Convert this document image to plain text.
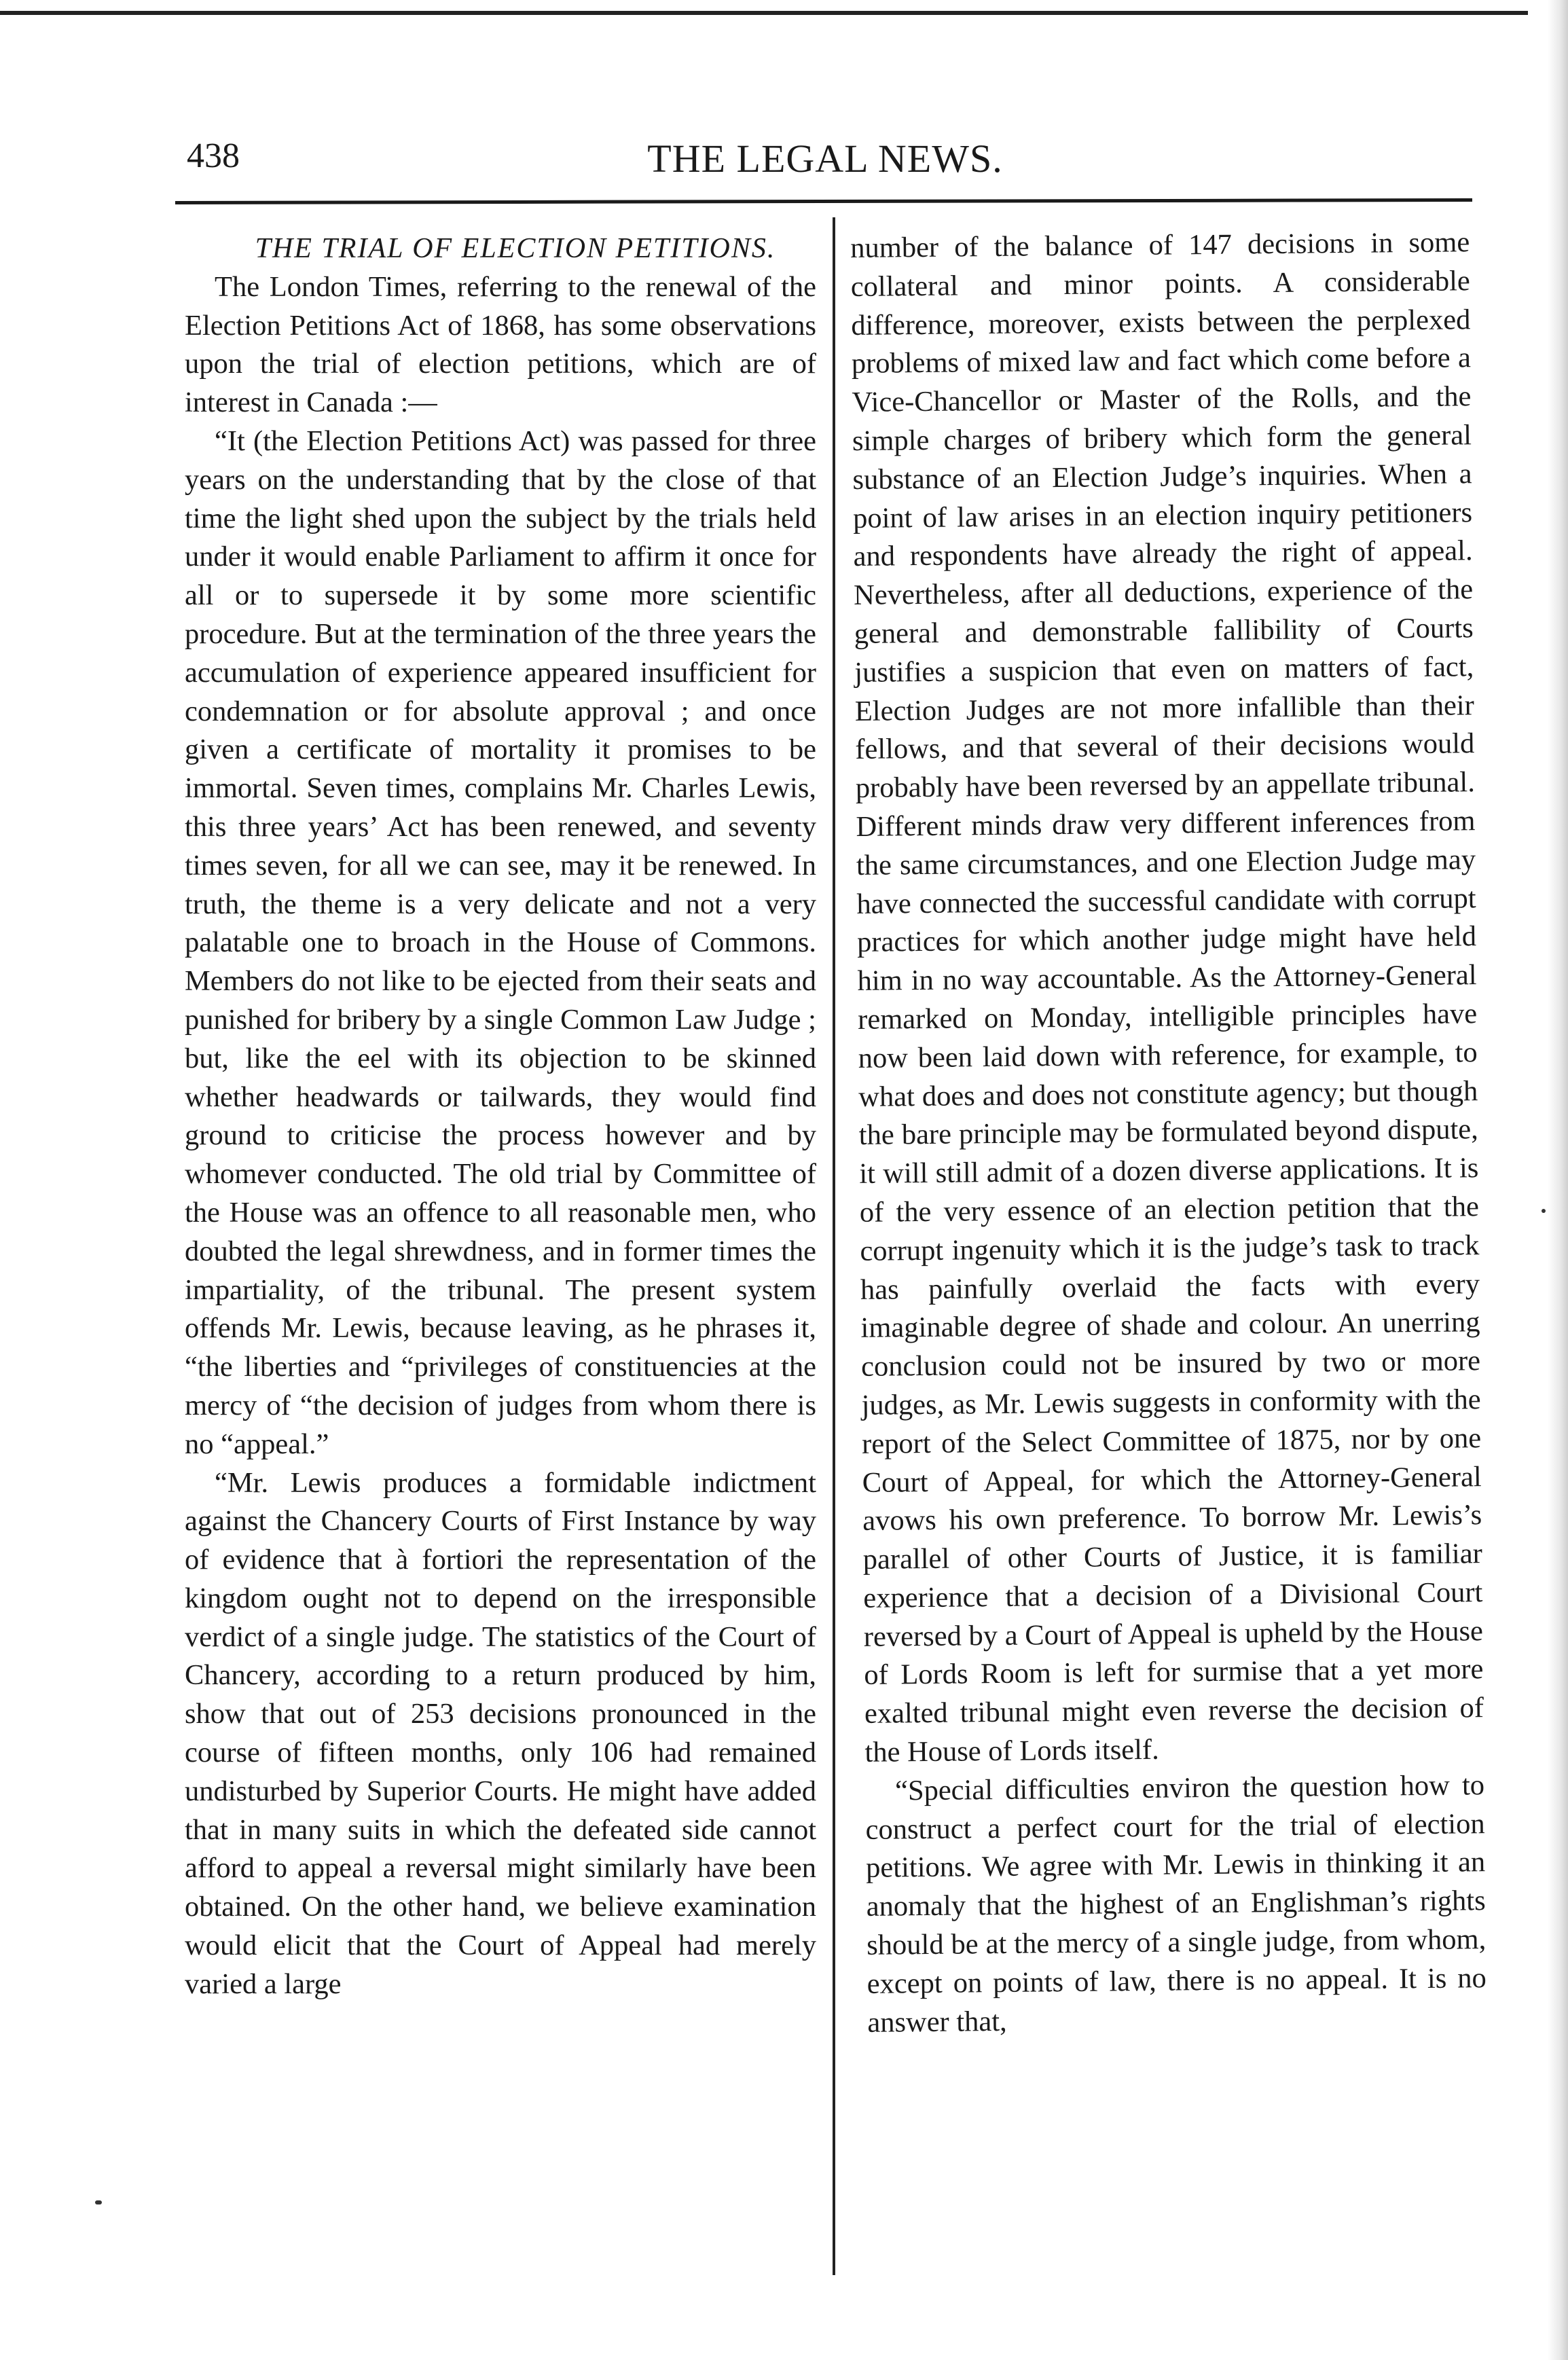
438	THE LEGAL NEWS.

THE TRIAL OF ELECTION PETITIONS.

The London Times, referring to the renewal of the Election Petitions Act of 1868, has some observations upon the trial of election petitions, which are of interest in Canada :—

“It (the Election Petitions Act) was passed for three years on the understanding that by the close of that time the light shed upon the subject by the trials held under it would enable Parliament to affirm it once for all or to supersede it by some more scientific procedure. But at the termination of the three years the accumulation of experience appeared insufficient for condemnation or for absolute approval ; and once given a certificate of mortality it promises to be immortal. Seven times, complains Mr. Charles Lewis, this three years’ Act has been renewed, and seventy times seven, for all we can see, may it be renewed. In truth, the theme is a very delicate and not a very palatable one to broach in the House of Commons. Members do not like to be ejected from their seats and punished for bribery by a single Common Law Judge ; but, like the eel with its objection to be skinned whether headwards or tailwards, they would find ground to criticise the process however and by whomever conducted. The old trial by Committee of the House was an offence to all reasonable men, who doubted the legal shrewdness, and in former times the impartiality, of the tribunal. The present system offends Mr. Lewis, because leaving, as he phrases it, “the liberties and “privileges of constituencies at the mercy of “the decision of judges from whom there is no “appeal.”

“Mr. Lewis produces a formidable indictment against the Chancery Courts of First Instance by way of evidence that à fortiori the representation of the kingdom ought not to depend on the irresponsible verdict of a single judge. The statistics of the Court of Chancery, according to a return produced by him, show that out of 253 decisions pronounced in the course of fifteen months, only 106 had remained undisturbed by Superior Courts. He might have added that in many suits in which the defeated side cannot afford to appeal a reversal might similarly have been obtained. On the other hand, we believe examination would elicit that the Court of Appeal had merely varied a large

number of the balance of 147 decisions in some collateral and minor points. A considerable difference, moreover, exists between the perplexed problems of mixed law and fact which come before a Vice-Chancellor or Master of the Rolls, and the simple charges of bribery which form the general substance of an Election Judge’s inquiries. When a point of law arises in an election inquiry petitioners and respondents have already the right of appeal. Nevertheless, after all deductions, experience of the general and demonstrable fallibility of Courts justifies a suspicion that even on matters of fact, Election Judges are not more infallible than their fellows, and that several of their decisions would probably have been reversed by an appellate tribunal. Different minds draw very different inferences from the same circumstances, and one Election Judge may have connected the successful candidate with corrupt practices for which another judge might have held him in no way accountable. As the Attorney-General remarked on Monday, intelligible principles have now been laid down with reference, for example, to what does and does not constitute agency; but though the bare principle may be formulated beyond dispute, it will still admit of a dozen diverse applications. It is of the very essence of an election petition that the corrupt ingenuity which it is the judge’s task to track has painfully overlaid the facts with every imaginable degree of shade and colour. An unerring conclusion could not be insured by two or more judges, as Mr. Lewis suggests in conformity with the report of the Select Committee of 1875, nor by one Court of Appeal, for which the Attorney-General avows his own preference. To borrow Mr. Lewis’s parallel of other Courts of Justice, it is familiar experience that a decision of a Divisional Court reversed by a Court of Appeal is upheld by the House of Lords Room is left for surmise that a yet more exalted tribunal might even reverse the decision of the House of Lords itself.

“Special difficulties environ the question how to construct a perfect court for the trial of election petitions. We agree with Mr. Lewis in thinking it an anomaly that the highest of an Englishman’s rights should be at the mercy of a single judge, from whom, except on points of law, there is no appeal. It is no answer that,
